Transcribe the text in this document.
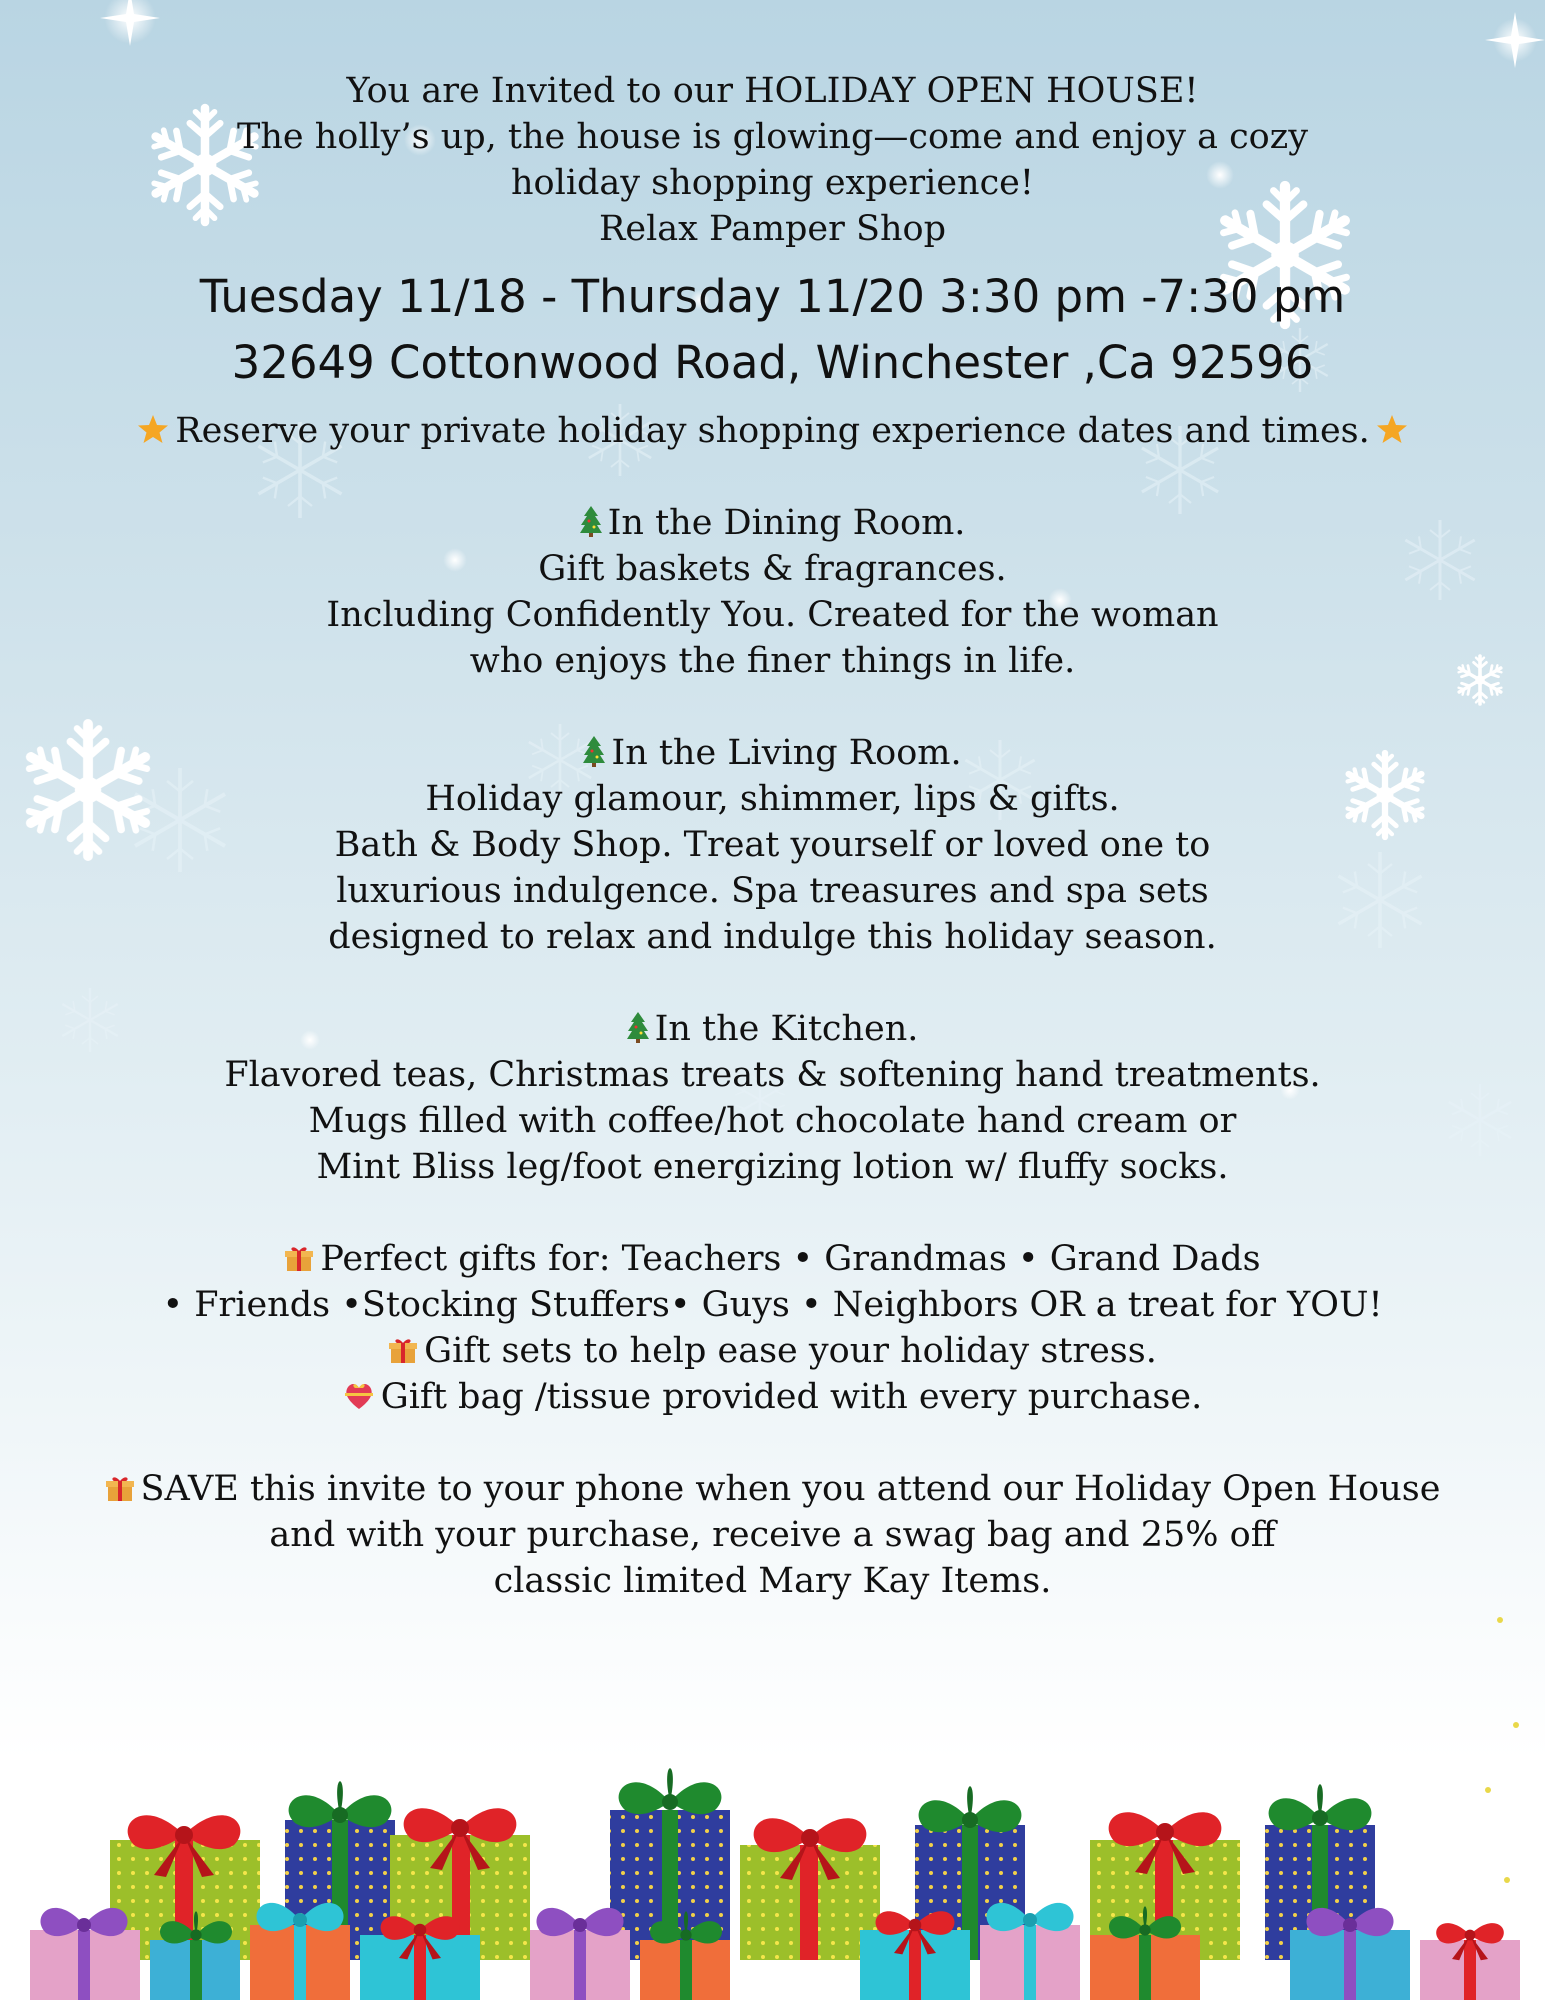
You are Invited to our HOLIDAY OPEN HOUSE!
The holly’s up, the house is glowing—come and enjoy a cozy
holiday shopping experience!
Relax Pamper Shop
Tuesday 11/18 - Thursday 11/20 3:30 pm -7:30 pm
32649 Cottonwood Road, Winchester ,Ca 92596
Reserve your private holiday shopping experience dates and times.
In the Dining Room.
Gift baskets & fragrances.
Including Confidently You. Created for the woman
who enjoys the finer things in life.
In the Living Room.
Holiday glamour, shimmer, lips & gifts.
Bath & Body Shop. Treat yourself or loved one to
luxurious indulgence. Spa treasures and spa sets
designed to relax and indulge this holiday season.
In the Kitchen.
Flavored teas, Christmas treats & softening hand treatments.
Mugs filled with coffee/hot chocolate hand cream or
Mint Bliss leg/foot energizing lotion w/ fluffy socks.
Perfect gifts for: Teachers • Grandmas • Grand Dads
• Friends •Stocking Stuffers• Guys • Neighbors OR a treat for YOU!
Gift sets to help ease your holiday stress.
Gift bag /tissue provided with every purchase.
SAVE this invite to your phone when you attend our Holiday Open House
and with your purchase, receive a swag bag and 25% off
classic limited Mary Kay Items.
